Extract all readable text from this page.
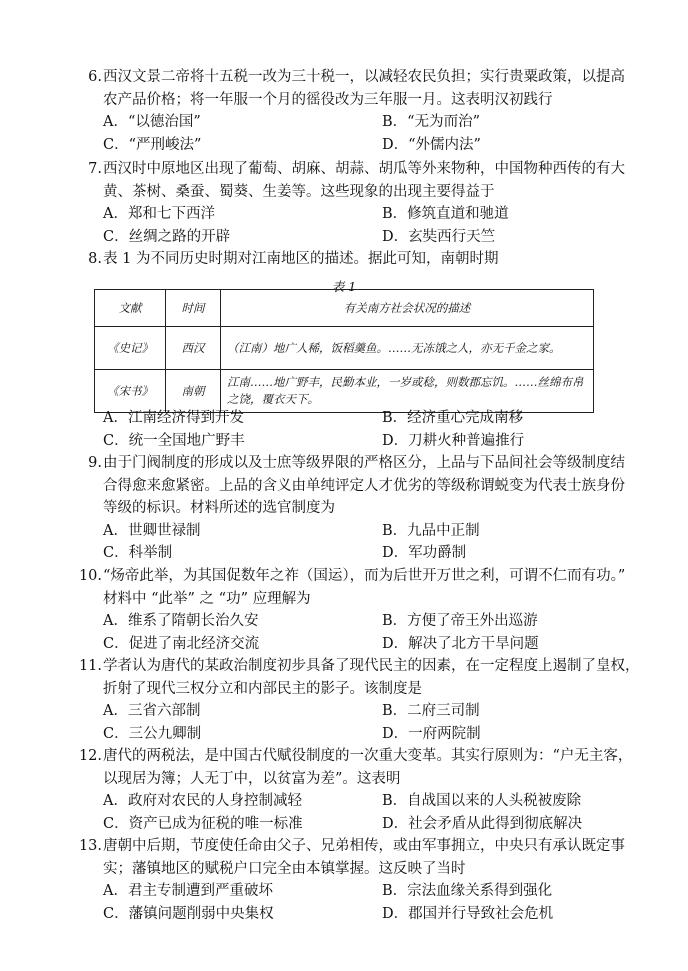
6.西汉文景二帝将十五税一改为三十税一，以减轻农民负担；实行贵粟政策，以提高
农产品价格；将一年服一个月的徭役改为三年服一月。这表明汉初践行
A．“以德治国”	B．“无为而治”
C．“严刑峻法”	D．“外儒内法”
7.西汉时中原地区出现了葡萄、胡麻、胡蒜、胡瓜等外来物种，中国物种西传的有大
黄、茶树、桑蚕、蜀葵、生姜等。这些现象的出现主要得益于
A．郑和七下西洋	B．修筑直道和驰道
C．丝绸之路的开辟	D．玄奘西行天竺
8.表 1 为不同历史时期对江南地区的描述。据此可知，南朝时期
表 1
文献	时间	有关南方社会状况的描述
《史记》	西汉	（江南）地广人稀，饭稻羹鱼。……无冻饿之人，亦无千金之家。
《宋书》	南朝	江南……地广野丰，民勤本业，一岁或稔，则数郡忘饥。……丝绵布帛之饶，覆衣天下。
A．江南经济得到开发	B．经济重心完成南移
C．统一全国地广野丰	D．刀耕火种普遍推行
9.由于门阀制度的形成以及士庶等级界限的严格区分，上品与下品间社会等级制度结
合得愈来愈紧密。上品的含义由单纯评定人才优劣的等级称谓蜕变为代表士族身份
等级的标识。材料所述的选官制度为
A．世卿世禄制	B．九品中正制
C．科举制	D．军功爵制
10.“炀帝此举，为其国促数年之祚（国运），而为后世开万世之利，可谓不仁而有功。”
材料中 “此举” 之 “功” 应理解为
A．维系了隋朝长治久安	B．方便了帝王外出巡游
C．促进了南北经济交流	D．解决了北方干旱问题
11.学者认为唐代的某政治制度初步具备了现代民主的因素，在一定程度上遏制了皇权，
折射了现代三权分立和内部民主的影子。该制度是
A．三省六部制	B．二府三司制
C．三公九卿制	D．一府两院制
12.唐代的两税法，是中国古代赋役制度的一次重大变革。其实行原则为：“户无主客，
以现居为簿；人无丁中，以贫富为差”。这表明
A．政府对农民的人身控制减轻	B．自战国以来的人头税被废除
C．资产已成为征税的唯一标准	D．社会矛盾从此得到彻底解决
13.唐朝中后期，节度使任命由父子、兄弟相传，或由军事拥立，中央只有承认既定事
实；藩镇地区的赋税户口完全由本镇掌握。这反映了当时
A．君主专制遭到严重破坏	B．宗法血缘关系得到强化
C．藩镇问题削弱中央集权	D．郡国并行导致社会危机
